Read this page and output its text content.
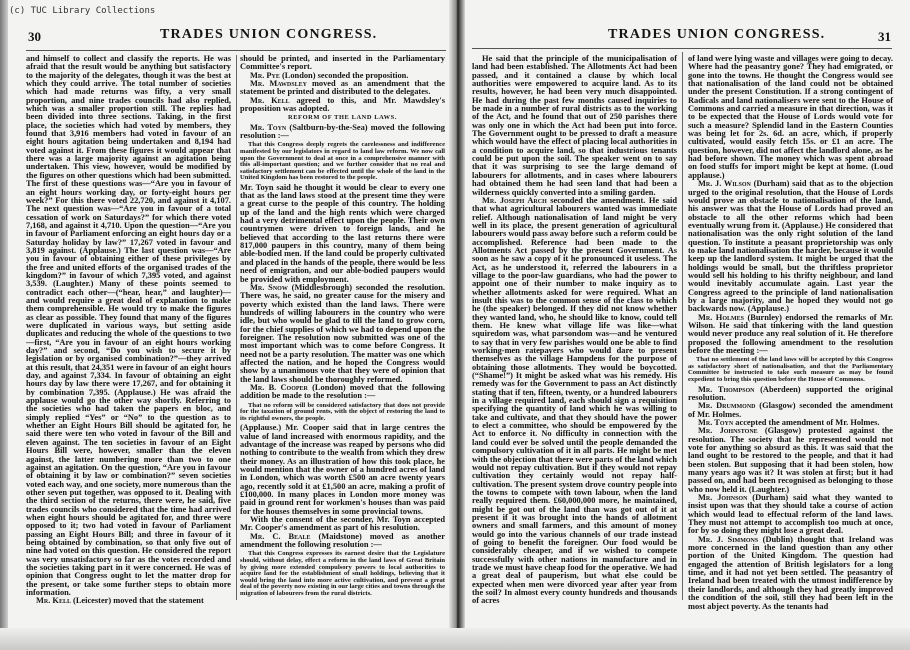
(c) TUC Library Collections
30	TRADES UNION CONGRESS.

and himself to collect and classify the reports. He was afraid that the result would be anything but satisfactory to the majority of the delegates, though it was the best at which they could arrive. The total number of societies which had made returns was fifty, a very small proportion, and nine trades councils had also replied, which was a smaller proportion still. The replies had been divided into three sections. Taking, in the first place, the societies which had voted by members, they found that 3,916 members had voted in favour of an eight hours agitation being undertaken and 8,194 had voted against it. From these figures it would appear that there was a large majority against an agitation being undertaken. This view, however, would be modified by the figures on other questions which had been submitted. The first of these questions was—“Are you in favour of an eight hours working day, or forty-eight hours per week?” For this there voted 22,720, and against it 4,107. The next question was—“Are you in favour of a total cessation of work on Saturdays?” for which there voted 7,168, and against it 4,710. Upon the question—“Are you in favour of Parliament enforcing an eight hours day or a Saturday holiday by law?” 17,267 voted in favour and 3,819 against. (Applause.) The last question was—“Are you in favour of obtaining either of these privileges by the free and united efforts of the organised trades of the kingdom?” in favour of which 7,395 voted, and against 3,539. (Laughter.) Many of these points seemed to contradict each other—(“hear, hear,” and laughter)—and would require a great deal of explanation to make them comprehensible. He would try to make the figures as clear as possible. They found that many of the figures were duplicated in various ways, but setting aside duplicates and reducing the whole of the questions to two—first, “Are you in favour of an eight hours working day?” and second, “Do you wish to secure it by legislation or by organised combination?”—they arrived at this result, that 24,351 were in favour of an eight hours day, and against 7,334. In favour of obtaining an eight hours day by law there were 17,267, and for obtaining it by combination 7,395. (Applause.) He was afraid the applause would go the other way shortly. Referring to the societies who had taken the papers en bloc, and simply replied “Yes” or “No” to the question as to whether an Eight Hours Bill should be agitated for, he said there were ten who voted in favour of the Bill and eleven against. The ten societies in favour of an Eight Hours Bill were, however, smaller than the eleven against, the latter numbering more than two to one against an agitation. On the question, “Are you in favour of obtaining it by law or combination?” seven societies voted each way, and one society, more numerous than the other seven put together, was opposed to it. Dealing with the third section of the returns, there were, he said, five trades councils who considered that the time had arrived when eight hours should be agitated for, and three were opposed to it; two had voted in favour of Parliament passing an Eight Hours Bill; and three in favour of it being obtained by combination, so that only five out of nine had voted on this question. He considered the report was very unsatisfactory so far as the votes recorded and the societies taking part in it were concerned. He was of opinion that Congress ought to let the matter drop for the present, or take some further steps to obtain more information.

Mr. Kell (Leicester) moved that the statement

should be printed, and inserted in the Parliamentary Committee's report.

Mr. Pye (London) seconded the proposition.

Mr. Mawdsley moved as an amendment that the statement be printed and distributed to the delegates.

Mr. Kell agreed to this, and Mr. Mawdsley's proposition was adopted.

REFORM OF THE LAND LAWS.

Mr. Toyn (Saltburn-by-the-Sea) moved the following resolution :—

That this Congress deeply regrets the carelessness and indifference manifested by our legislators in regard to land law reform. We now call upon the Government to deal at once in a comprehensive manner with this all-important question; and we further consider that no real and satisfactory settlement can be effected until the whole of the land in the United Kingdom has been restored to the people.

Mr. Toyn said he thought it would be clear to every one that as the land laws stood at the present time they were a great curse to the people of this country. The holding up of the land and the high rents which were charged had a very detrimental effect upon the people. Their own countrymen were driven to foreign lands, and he believed that according to the last returns there were 817,000 paupers in this country, many of them being able-bodied men. If the land could be properly cultivated and placed in the hands of the people, there would be less need of emigration, and our able-bodied paupers would be provided with employment.

Mr. Snow (Middlesbrough) seconded the resolution. There was, he said, no greater cause for the misery and poverty which existed than the land laws. There were hundreds of willing labourers in the country who were idle, but who would be glad to till the land to grow corn, for the chief supplies of which we had to depend upon the foreigner. The resolution now submitted was one of the most important which was to come before Congress. It need not be a party resolution. The matter was one which affected the nation, and he hoped the Congress would show by a unanimous vote that they were of opinion that the land laws should be thoroughly reformed.

Mr. B. Cooper (London) moved that the following addition be made to the resolution :—

That no reform will be considered satisfactory that does not provide for the taxation of ground rents, with the object of restoring the land to its rightful owners, the people.

(Applause.) Mr. Cooper said that in large centres the value of land increased with enormous rapidity, and the advantage of the increase was reaped by persons who did nothing to contribute to the wealth from which they drew their money. As an illustration of how this took place, he would mention that the owner of a hundred acres of land in London, which was worth £500 an acre twenty years ago, recently sold it at £1,500 an acre, making a profit of £100,000. In many places in London more money was paid in ground rent for workmen's houses than was paid for the houses themselves in some provincial towns.

With the consent of the seconder, Mr. Toyn accepted Mr. Cooper's amendment as part of his resolution.

Mr. C. Beale (Maidstone) moved as another amendment the following resolution :—

That this Congress expresses its earnest desire that the Legislature should, without delay, effect a reform in the land laws of Great Britain by giving more extended compulsory powers to local authorities to acquire land for the establishment of small holdings, believing that it would bring the land into more active cultivation, and prevent a great deal of the poverty now existing in our large cities and towns through the migration of labourers from the rural districts.

TRADES UNION CONGRESS.	31

He said that the principle of the municipalisation of land had been established. The Allotments Act had been passed, and it contained a clause by which local authorities were empowered to acquire land. As to its results, however, he had been very much disappointed. He had during the past few months caused inquiries to be made in a number of rural districts as to the working of the Act, and he found that out of 250 parishes there was only one in which the Act had been put into force. The Government ought to be pressed to draft a measure which would have the effect of placing local authorities in a condition to acquire land, so that industrious tenants could be put upon the soil. The speaker went on to say that it was surprising to see the large demand of labourers for allotments, and in cases where labourers had obtained them he had seen land that had been a wilderness quickly converted into a smiling garden.

Mr. Joseph Arch seconded the amendment. He said that what agricultural labourers wanted was immediate relief. Although nationalisation of land might be very well in its place, the present generation of agricultural labourers would pass away before such a reform could be accomplished. Reference had been made to the Allotments Act passed by the present Government. As soon as he saw a copy of it he pronounced it useless. The Act, as he understood it, referred the labourers in a village to the poor-law guardians, who had the power to appoint one of their number to make inquiry as to whether allotments asked for were required. What an insult this was to the common sense of the class to which he (the speaker) belonged. If they did not know whether they wanted land, who, he should like to know, could tell them. He knew what village life was like—what squiredom was, what parsondom was—and he ventured to say that in very few parishes would one be able to find working-men ratepayers who would dare to present themselves as the village Hampdens for the purpose of obtaining those allotments. They would be boycotted. (“Shame!”) It might be asked what was his remedy. His remedy was for the Government to pass an Act distinctly stating that if ten, fifteen, twenty, or a hundred labourers in a village required land, each should sign a requisition specifying the quantity of land which he was willing to take and cultivate, and that they should have the power to elect a committee, who should be empowered by the Act to enforce it. No difficulty in connection with the land could ever be solved until the people demanded the compulsory cultivation of it in all parts. He might be met with the objection that there were parts of the land which would not repay cultivation. But if they would not repay cultivation they certainly would not repay half-cultivation. The present system drove country people into the towns to compete with town labour, when the land really required them. £60,000,000 more, he maintained, might be got out of the land than was got out of it at present if it was brought into the hands of allotment owners and small farmers, and this amount of money would go into the various channels of our trade instead of going to benefit the foreigner. Our food would be considerably cheaper, and if we wished to compete successfully with other nations in manufacture and in trade we must have cheap food for the operative. We had a great deal of pauperism, but what else could be expected when men were divorced year after year from the soil? In almost every county hundreds and thousands of acres

of land were lying waste and villages were going to decay. Where had the peasantry gone? They had emigrated, or gone into the towns. He thought the Congress would see that nationalisation of the land could not be obtained under the present Constitution. If a strong contingent of Radicals and land nationalisers were sent to the House of Commons and carried a measure in that direction, was it to be expected that the House of Lords would vote for such a measure? Splendid land in the Eastern Counties was being let for 2s. 6d. an acre, which, if properly cultivated, would easily fetch 15s. or £1 an acre. The question, however, did not affect the landlord alone, as he had before shown. The money which was spent abroad on food stuffs for import might be kept at home. (Loud applause.)

Mr. J. Wilson (Durham) said that as to the objection urged to the original resolution, that the House of Lords would prove an obstacle to nationalisation of the land, his answer was that the House of Lords had proved an obstacle to all the other reforms which had been eventually wrung from it. (Applause.) He considered that nationalisation was the only right solution of the land question. To institute a peasant proprietorship was only to make land nationalisation the harder, because it would keep up the landlord system. It might be urged that the holdings would be small, but the thriftless proprietor would sell his holding to his thrifty neighbour, and land would inevitably accumulate again. Last year the Congress agreed to the principle of land nationalisation by a large majority, and he hoped they would not go backwards now. (Applause.)

Mr. Holmes (Burnley) endorsed the remarks of Mr. Wilson. He said that tinkering with the land question would never produce any real solution of it. He therefore proposed the following amendment to the resolution before the meeting :—

That no settlement of the land laws will be accepted by this Congress as satisfactory short of nationalisation, and that the Parliamentary Committee be instructed to take such measure as may be found expedient to bring this question before the House of Commons.

Mr. Thompson (Aberdeen) supported the original resolution.

Mr. Drummond (Glasgow) seconded the amendment of Mr. Holmes.

Mr. Toyn accepted the amendment of Mr. Holmes.

Mr. Johnstone (Glasgow) protested against the resolution. The society that he represented would not vote for anything so absurd as this. It was said that the land ought to be restored to the people, and that it had been stolen. But supposing that it had been stolen, how many years ago was it? It was stolen at first; but it had passed on, and had been recognised as belonging to those who now held it. (Laughter.)

Mr. Johnson (Durham) said what they wanted to insist upon was that they should take a course of action which would lead to effectual reform of the land laws. They must not attempt to accomplish too much at once, for by so doing they might lose a great deal.

Mr. J. Simmons (Dublin) thought that Ireland was more concerned in the land question than any other portion of the United Kingdom. The question had engaged the attention of British legislators for a long time, and it had not yet been settled. The peasantry of Ireland had been treated with the utmost indifference by their landlords, and although they had greatly improved the condition of the soil, still they had been left in the most abject poverty. As the tenants had
